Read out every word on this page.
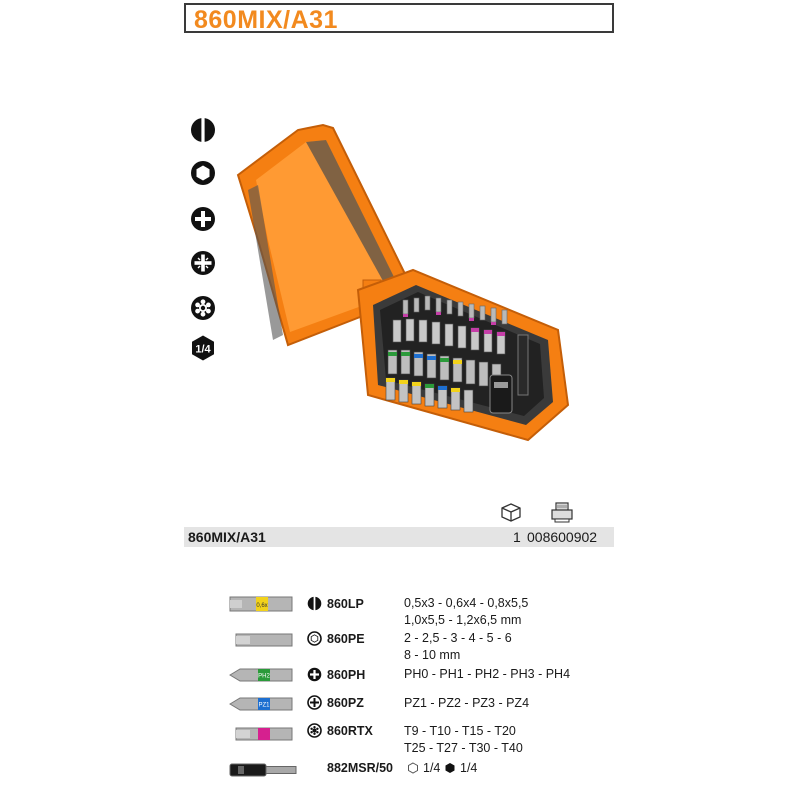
860MIX/A31
1/4
860MIX/A31	1 008600902
0,6x	860LP	0,5x3 - 0,6x4 - 0,8x5,5
1,0x5,5 - 1,2x6,5 mm
860PE	2 - 2,5 - 3 - 4 - 5 - 6
8 - 10 mm
PH2	860PH	PH0 - PH1 - PH2 - PH3 - PH4
PZ1	860PZ	PZ1 - PZ2 - PZ3 - PZ4
860RTX T9 - T10 - T15 - T20
T25 - T27 - T30 - T40
882MSR/50 1/4 1/4
